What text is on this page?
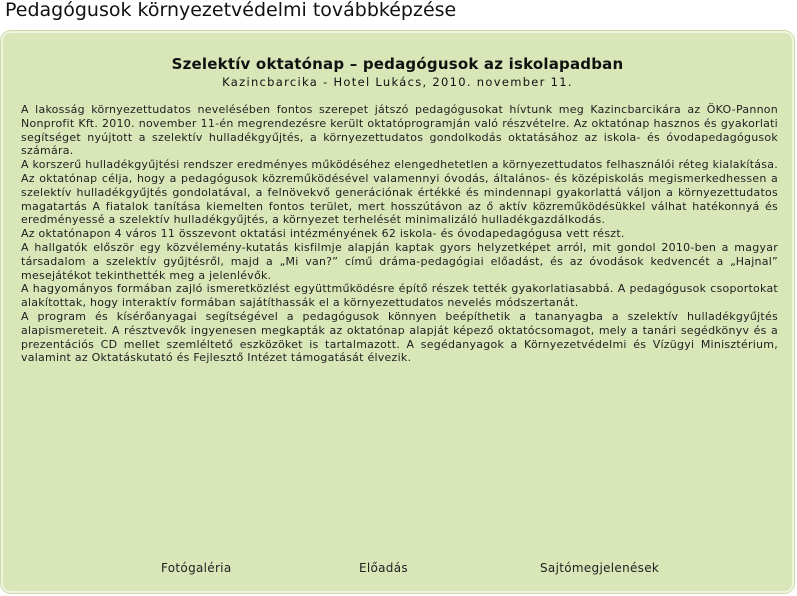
Pedagógusok környezetvédelmi továbbképzése
Szelektív oktatónap – pedagógusok az iskolapadban
Kazincbarcika - Hotel Lukács, 2010. november 11.

A lakosság környezettudatos nevelésében fontos szerepet játszó pedagógusokat hívtunk meg Kazincbarcikára az ÖKO-Pannon Nonprofit Kft. 2010. november 11-én megrendezésre került oktatóprogramján való részvételre. Az oktatónap hasznos és gyakorlati segítséget nyújtott a szelektív hulladékgyűjtés, a környezettudatos gondolkodás oktatásához az iskola- és óvodapedagógusok számára.

A korszerű hulladékgyűjtési rendszer eredményes működéséhez elengedhetetlen a környezettudatos felhasználói réteg kialakítása. Az oktatónap célja, hogy a pedagógusok közreműködésével valamennyi óvodás, általános- és középiskolás megismerkedhessen a szelektív hulladékgyűjtés gondolatával, a felnövekvő generációnak értékké és mindennapi gyakorlattá váljon a környezettudatos magatartás A fiatalok tanítása kiemelten fontos terület, mert hosszútávon az ő aktív közreműködésükkel válhat hatékonnyá és eredményessé a szelektív hulladékgyűjtés, a környezet terhelését minimalizáló hulladékgazdálkodás.

Az oktatónapon 4 város 11 összevont oktatási intézményének 62 iskola- és óvodapedagógusa vett részt.

A hallgatók először egy közvélemény-kutatás kisfilmje alapján kaptak gyors helyzetképet arról, mit gondol 2010-ben a magyar társadalom a szelektív gyűjtésről, majd a „Mi van?” című dráma-pedagógiai előadást, és az óvodások kedvencét a „Hajnal” mesejátékot tekinthették meg a jelenlévők.

A hagyományos formában zajló ismeretközlést együttműködésre építő részek tették gyakorlatiasabbá. A pedagógusok csoportokat alakítottak, hogy interaktív formában sajátíthassák el a környezettudatos nevelés módszertanát.

A program és kísérőanyagai segítségével a pedagógusok könnyen beépíthetik a tananyagba a szelektív hulladékgyűjtés alapismereteit. A résztvevők ingyenesen megkapták az oktatónap alapját képező oktatócsomagot, mely a tanári segédkönyv és a prezentációs CD mellet szemléltető eszközöket is tartalmazott. A segédanyagok a Környezetvédelmi és Vízügyi Minisztérium, valamint az Oktatáskutató és Fejlesztő Intézet támogatását élvezik.

Fotógaléria	Előadás	Sajtómegjelenések
